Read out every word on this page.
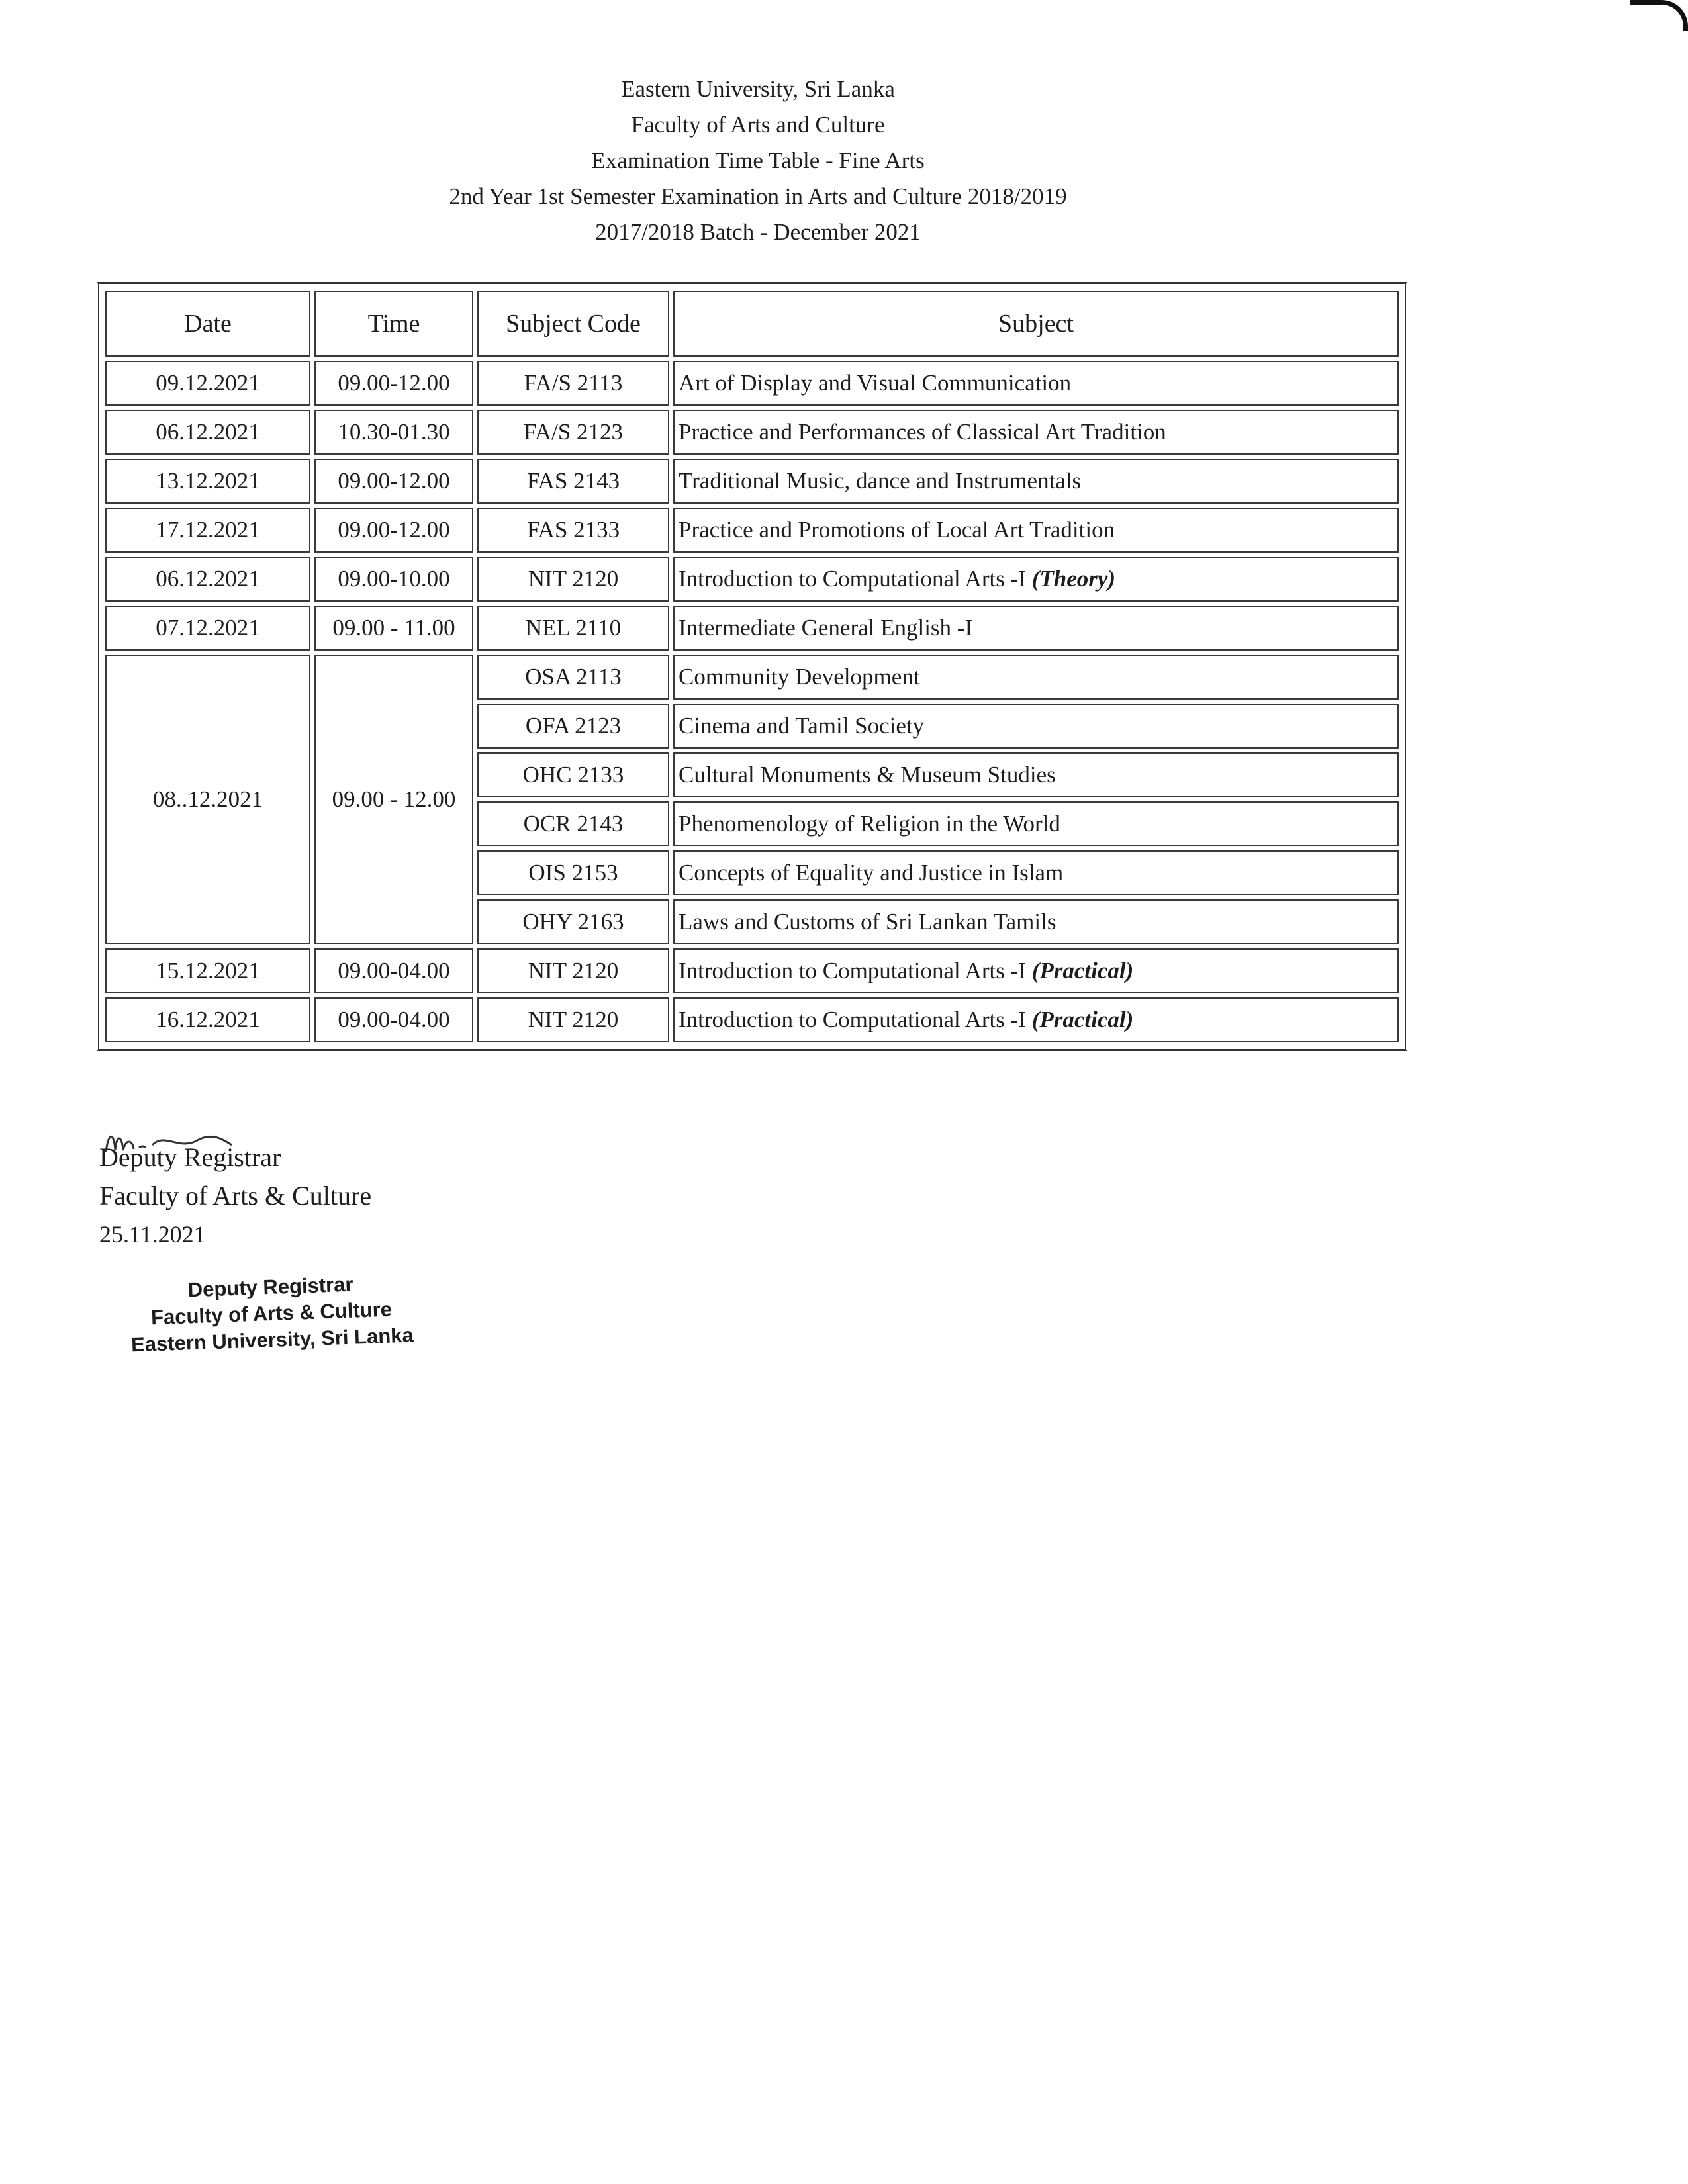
Eastern University, Sri Lanka
Faculty of Arts and Culture
Examination Time Table - Fine Arts
2nd Year 1st Semester Examination in Arts and Culture 2018/2019
2017/2018 Batch - December 2021
Date	Time	Subject Code	Subject
09.12.2021	09.00-12.00	FA/S 2113	Art of Display and Visual Communication
06.12.2021	10.30-01.30	FA/S 2123	Practice and Performances of Classical Art Tradition
13.12.2021	09.00-12.00	FAS 2143	Traditional Music, dance and Instrumentals
17.12.2021	09.00-12.00	FAS 2133	Practice and Promotions of Local Art Tradition
06.12.2021	09.00-10.00	NIT 2120	Introduction to Computational Arts -I (Theory)
07.12.2021	09.00 - 11.00	NEL 2110	Intermediate General English -I
08..12.2021	09.00 - 12.00	OSA 2113	Community Development
		OFA 2123	Cinema and Tamil Society
		OHC 2133	Cultural Monuments & Museum Studies
		OCR 2143	Phenomenology of Religion in the World
		OIS 2153	Concepts of Equality and Justice in Islam
		OHY 2163	Laws and Customs of Sri Lankan Tamils
15.12.2021	09.00-04.00	NIT 2120	Introduction to Computational Arts -I (Practical)
16.12.2021	09.00-04.00	NIT 2120	Introduction to Computational Arts -I (Practical)
Deputy Registrar
Faculty of Arts & Culture
25.11.2021
Deputy Registrar
Faculty of Arts & Culture
Eastern University, Sri Lanka
